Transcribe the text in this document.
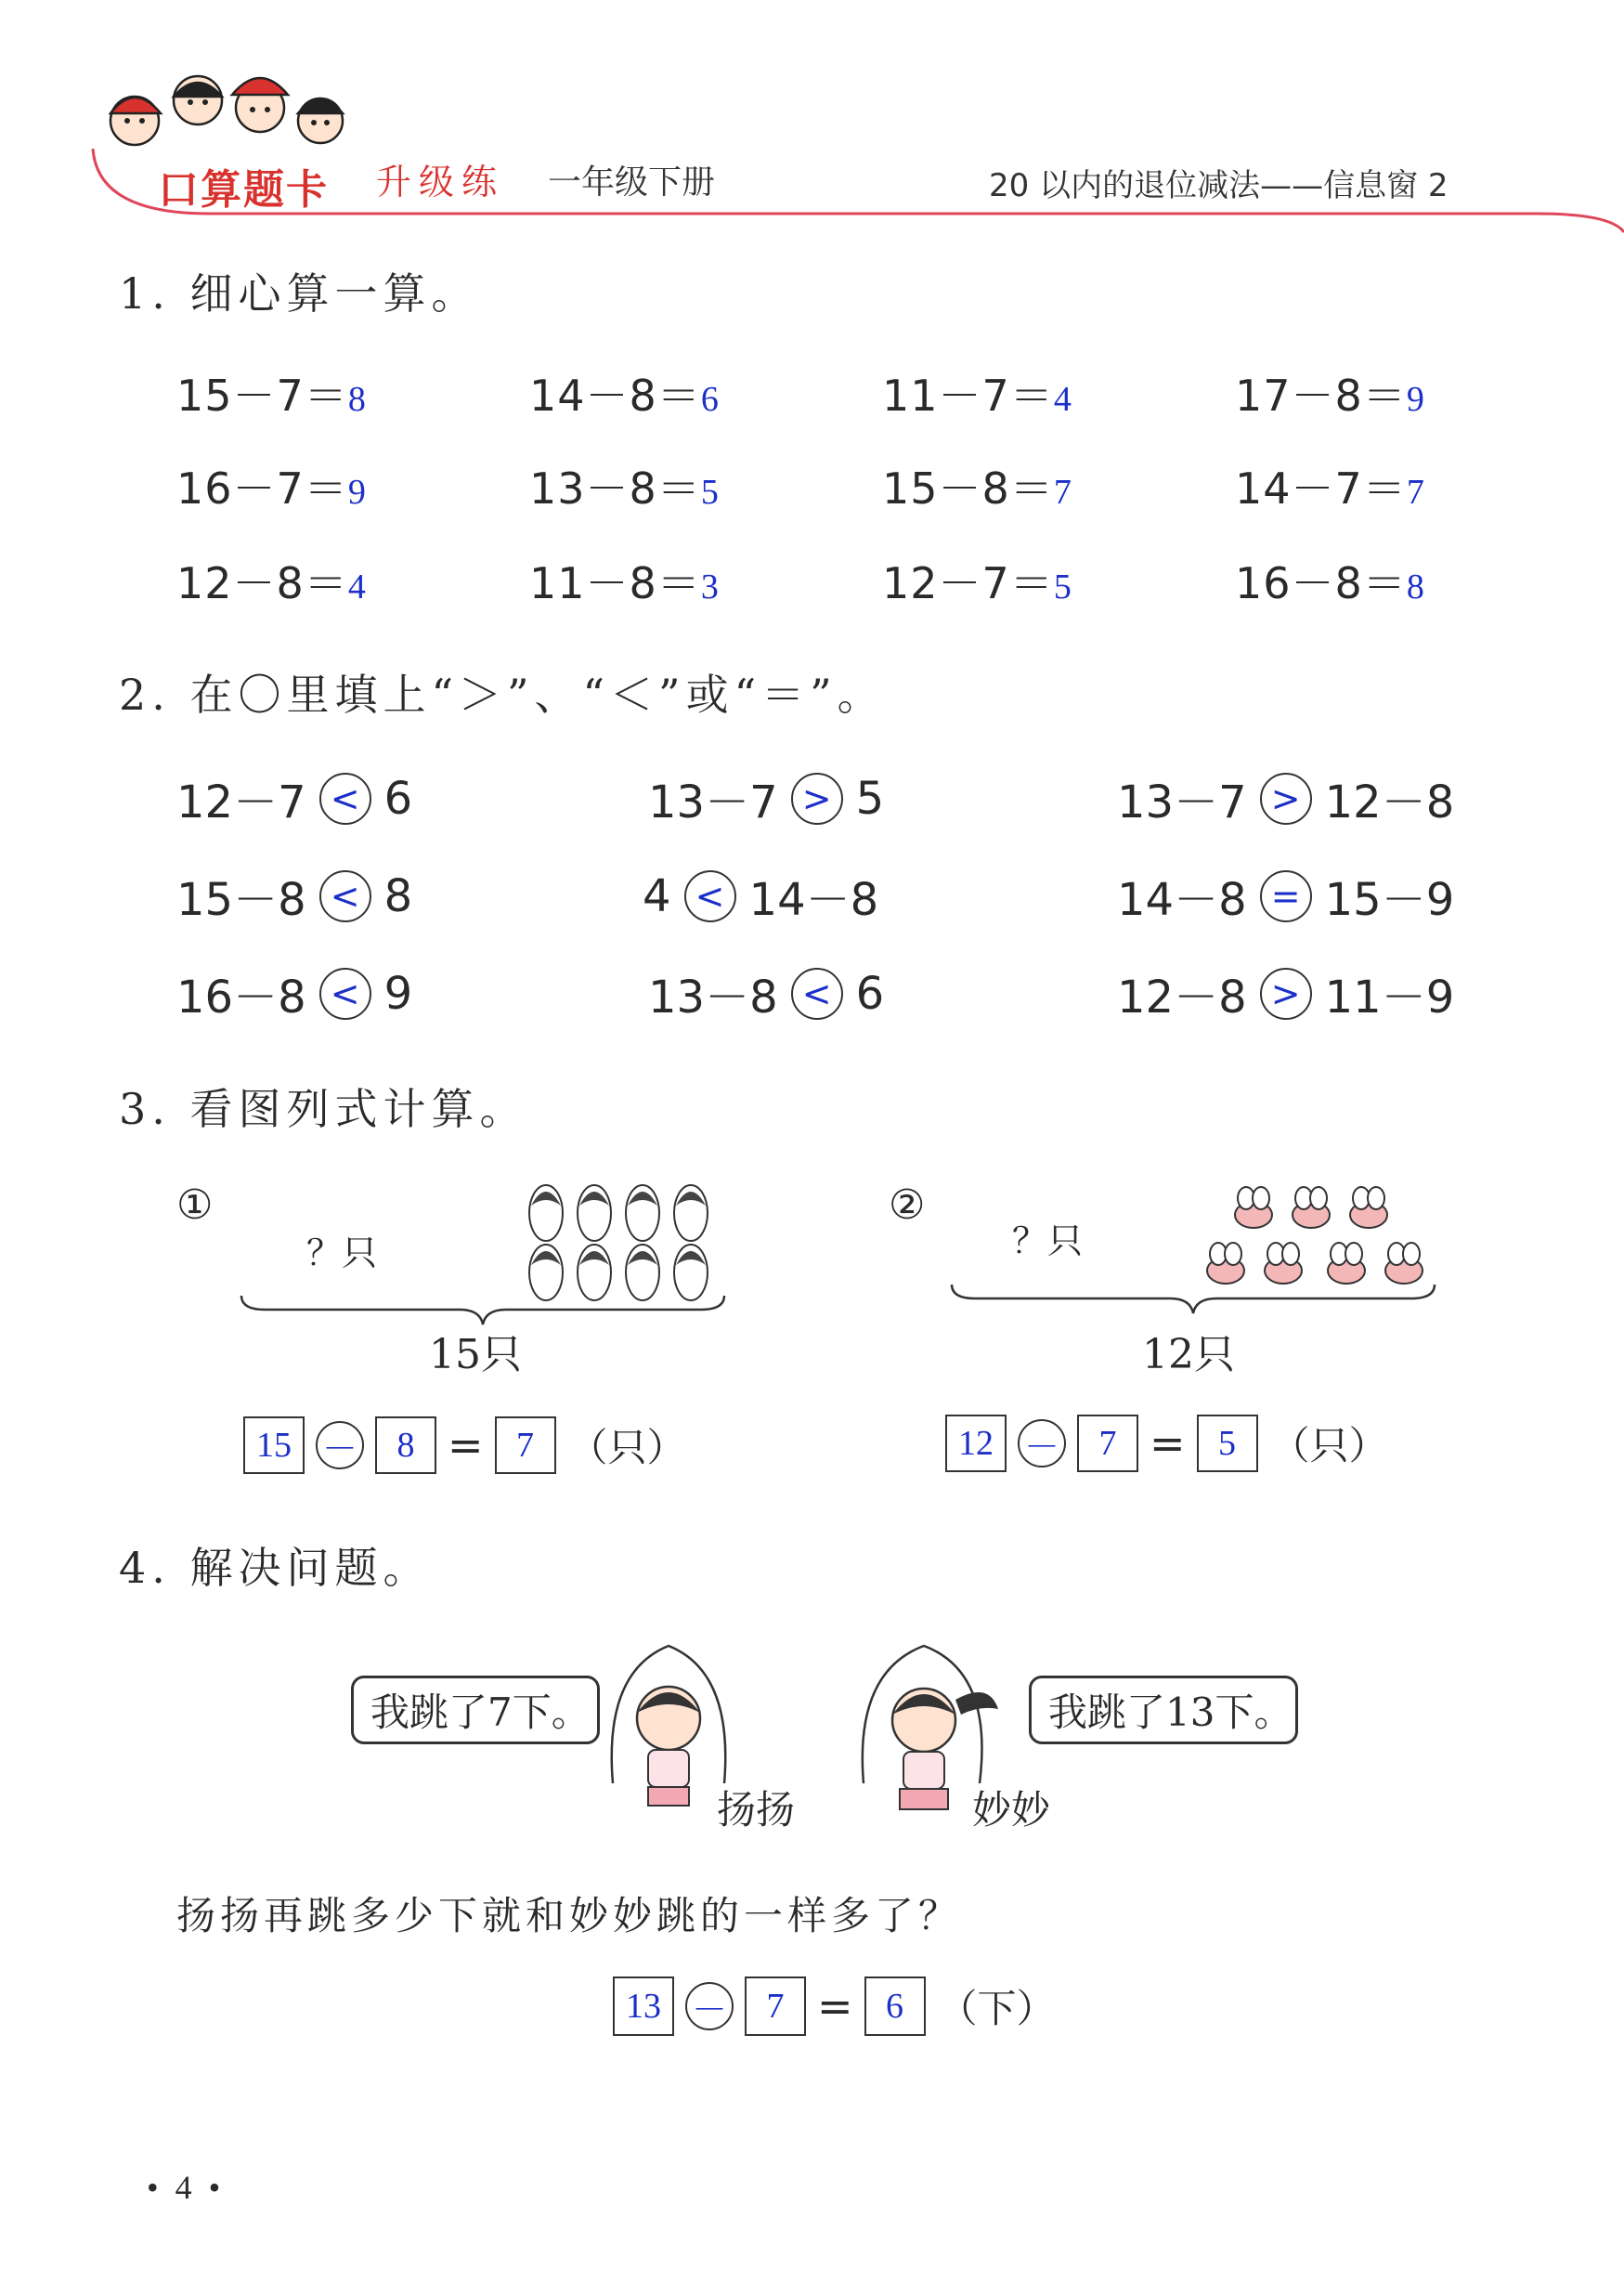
口算题卡 升级练 一年级下册	20 以内的退位减法——信息窗 2
1. 细心算一算。
15－7＝8	14－8＝6	11－7＝4	17－8＝9
16－7＝9	13－8＝5	15－8＝7	14－7＝7
12－8＝4	11－8＝3	12－7＝5	16－8＝8
2. 在〇里填上“＞”、“＜”或“＝”。
12－7 < 6	13－7 > 5	13－7 > 12－8
15－8 < 8	4 < 14－8	14－8 = 15－9
16－8 < 9	13－8 < 6	12－8 > 11－9
3. 看图列式计算。
①
？只
15只
15 －	8 = 7 （只）
②
？只
12只
12 －	7 = 5 （只）
4. 解决问题。
我跳了7下。
扬扬	妙妙
我跳了13下。
扬扬再跳多少下就和妙妙跳的一样多了？
13 －	7 = 6 （下）
•  4  •
